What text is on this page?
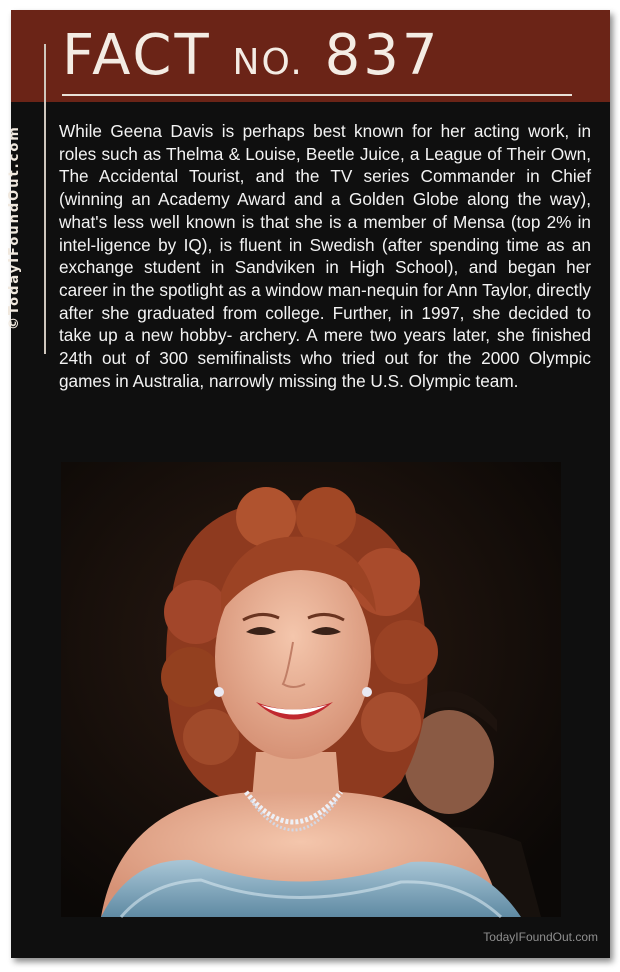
FACT NO. 837
©TodayIFoundOut.com While Geena Davis is perhaps best known for her acting work, in roles such as Thelma & Louise, Beetle Juice, a League of Their Own, The Accidental Tourist, and the TV series Commander in Chief (winning an Academy Award and a Golden Globe along the way), what's less well known is that she is a member of Mensa (top 2% in intel-ligence by IQ), is fluent in Swedish (after spending time as an exchange student in Sandviken in High School), and began her career in the spotlight as a window man-nequin for Ann Taylor, directly after she graduated from college. Further, in 1997, she decided to take up a new hobby- archery. A mere two years later, she finished 24th out of 300 semifinalists who tried out for the 2000 Olympic games in Australia, narrowly missing the U.S. Olympic team.
TodayIFoundOut.com
